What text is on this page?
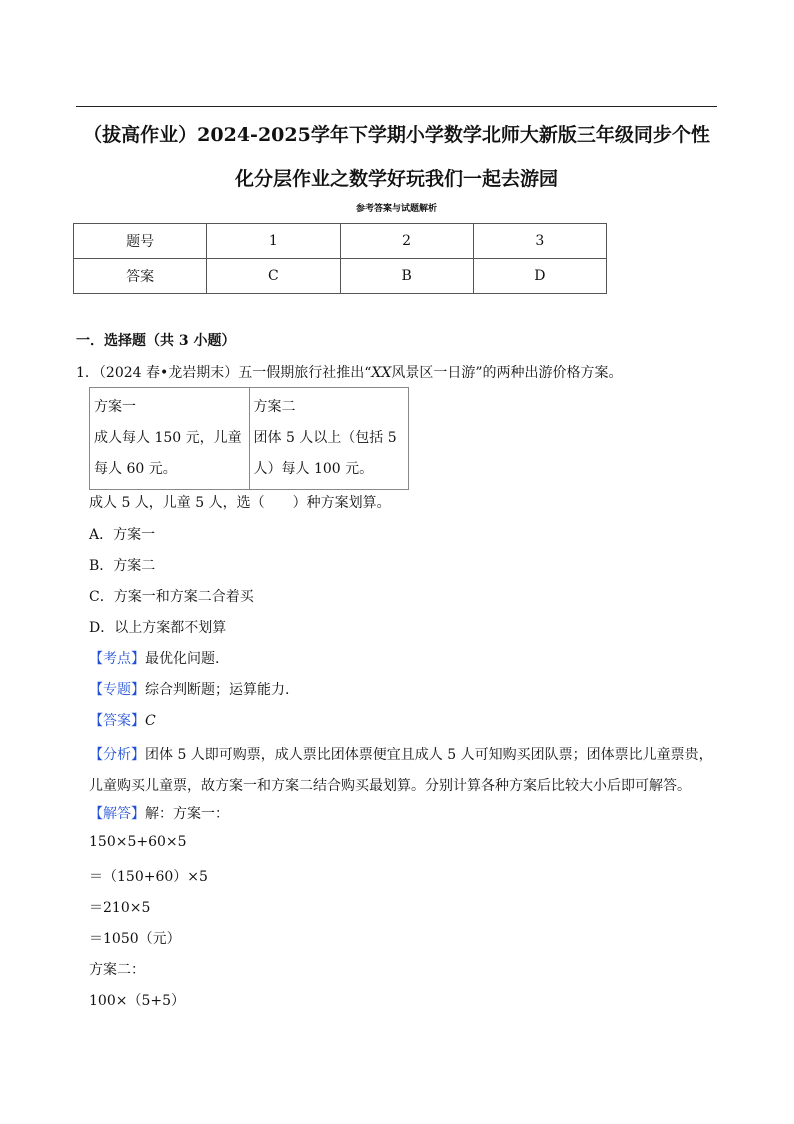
（拔高作业）2024-2025学年下学期小学数学北师大新版三年级同步个性
化分层作业之数学好玩我们一起去游园

参考答案与试题解析

题号	1	2	3
答案	C	B	D

一．选择题（共 3 小题）

1．（2024 春•龙岩期末）五一假期旅行社推出“XX风景区一日游”的两种出游价格方案。

方案一
成人每人 150 元，儿童每人 60 元。

方案二
团体 5 人以上（包括 5 人）每人 100 元。

成人 5 人，儿童 5 人，选（　　）种方案划算。

A．方案一

B．方案二

C．方案一和方案二合着买

D．以上方案都不划算

【考点】最优化问题.

【专题】综合判断题；运算能力.

【答案】C

【分析】团体 5 人即可购票，成人票比团体票便宜且成人 5 人可知购买团队票；团体票比儿童票贵，儿童购买儿童票，故方案一和方案二结合购买最划算。分别计算各种方案后比较大小后即可解答。

【解答】解：方案一：

150×5+60×5

＝（150+60）×5

＝210×5

＝1050（元）

方案二：

100×（5+5）
